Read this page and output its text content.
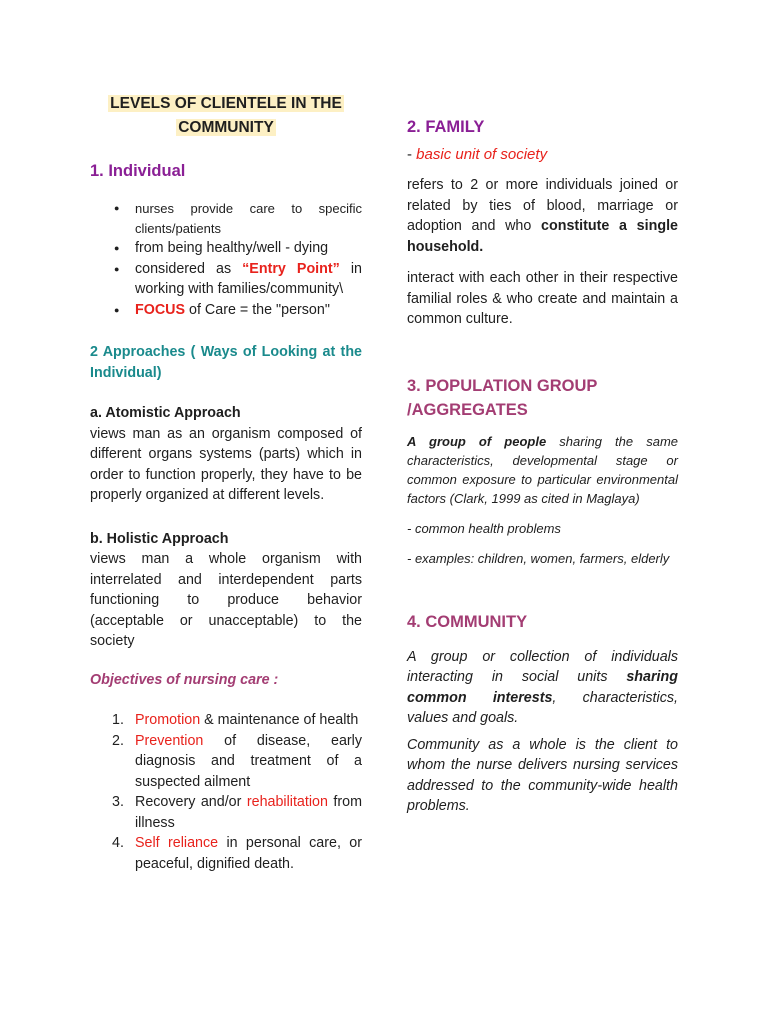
LEVELS OF CLIENTELE IN THE
COMMUNITY
1. Individual
● nurses provide care to specific clients/patients
● from being healthy/well - dying
● considered as “Entry Point” in working with families/community\
● FOCUS of Care = the "person"
2 Approaches ( Ways of Looking at the Individual)
a. Atomistic Approach
views man as an organism composed of different organs systems (parts) which in order to function properly, they have to be properly organized at different levels.
b. Holistic Approach
views man a whole organism with interrelated and interdependent parts functioning to produce behavior (acceptable or unacceptable) to the society
Objectives of nursing care :
1. Promotion & maintenance of health
2. Prevention of disease, early diagnosis and treatment of a suspected ailment
3. Recovery and/or rehabilitation from illness
4. Self reliance in personal care, or peaceful, dignified death.
2. FAMILY
- basic unit of society
refers to 2 or more individuals joined or related by ties of blood, marriage or adoption and who constitute a single household.
interact with each other in their respective familial roles & who create and maintain a common culture.
3. POPULATION GROUP
/AGGREGATES
A group of people sharing the same characteristics, developmental stage or common exposure to particular environmental factors (Clark, 1999 as cited in Maglaya)
- common health problems
- examples: children, women, farmers, elderly
4. COMMUNITY
A group or collection of individuals interacting in social units sharing common interests, characteristics, values and goals.
Community as a whole is the client to whom the nurse delivers nursing services addressed to the community-wide health problems.
